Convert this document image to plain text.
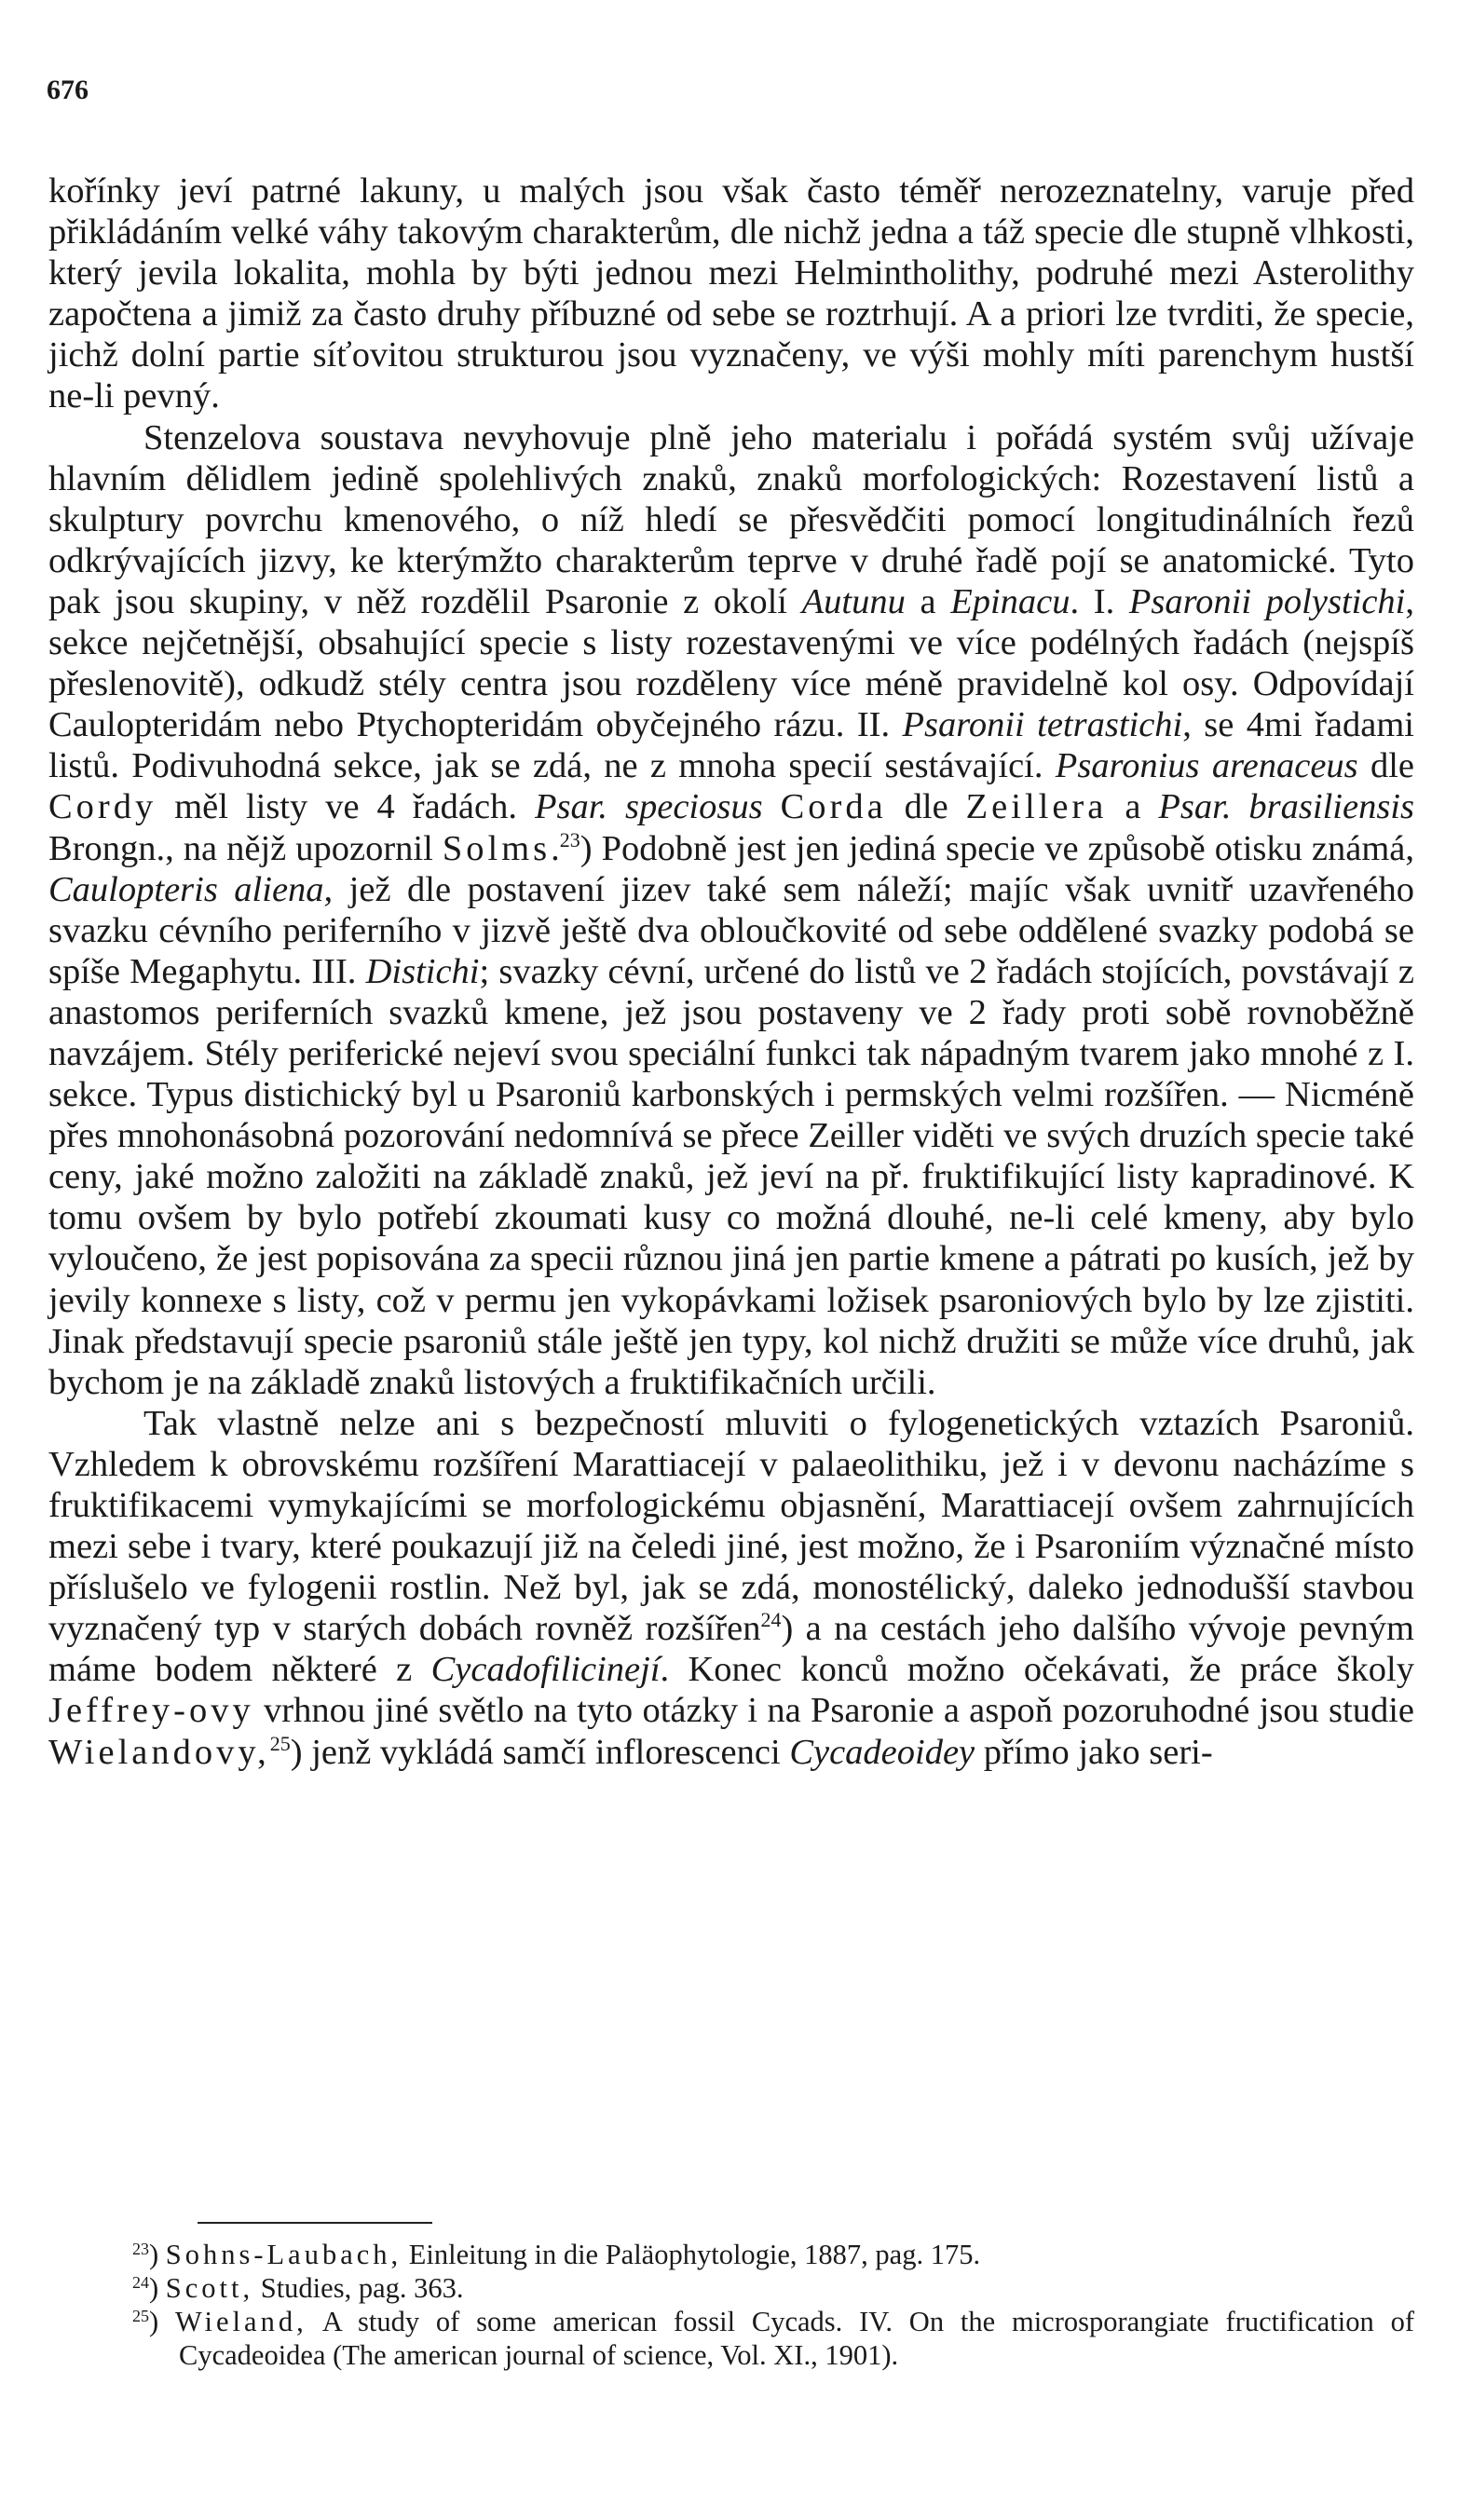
676

kořínky jeví patrné lakuny, u malých jsou však často téměř nerozeznatelny, varuje před přikládáním velké váhy takovým charakterům, dle nichž jedna a táž specie dle stupně vlhkosti, který jevila lokalita, mohla by býti jednou mezi Helmintholithy, podruhé mezi Asterolithy započtena a jimiž za často druhy příbuzné od sebe se roztrhují. A a priori lze tvrditi, že specie, jichž dolní partie síťovitou strukturou jsou vyznačeny, ve výši mohly míti parenchym hustší ne-li pevný.

Stenzelova soustava nevyhovuje plně jeho materialu i pořádá systém svůj užívaje hlavním dělidlem jedině spolehlivých znaků, znaků morfologických: Rozestavení listů a skulptury povrchu kmenového, o níž hledí se přesvědčiti pomocí longitudinálních řezů odkrývajících jizvy, ke kterýmžto charakterům teprve v druhé řadě pojí se anatomické. Tyto pak jsou skupiny, v něž rozdělil Psaronie z okolí Autunu a Epinacu. I. Psaronii polystichi, sekce nejčetnější, obsahující specie s listy rozestavenými ve více podélných řadách (nejspíš přeslenovitě), odkudž stély centra jsou rozděleny více méně pravidelně kol osy. Odpovídají Caulopteridám nebo Ptychopteridám obyčejného rázu. II. Psaronii tetrastichi, se 4mi řadami listů. Podivuhodná sekce, jak se zdá, ne z mnoha specií sestávající. Psaronius arenaceus dle Cordy měl listy ve 4 řadách. Psar. speciosus Corda dle Zeillera a Psar. brasiliensis Brongn., na nějž upozornil Solms.$^{23}$) Podobně jest jen jediná specie ve způsobě otisku známá, Caulopteris aliena, jež dle postavení jizev také sem náleží; majíc však uvnitř uzavřeného svazku cévního periferního v jizvě ještě dva obloučkovité od sebe oddělené svazky podobá se spíše Megaphytu. III. Distichi; svazky cévní, určené do listů ve 2 řadách stojících, povstávají z anastomos periferních svazků kmene, jež jsou postaveny ve 2 řady proti sobě rovnoběžně navzájem. Stély periferické nejeví svou speciální funkci tak nápadným tvarem jako mnohé z I. sekce. Typus distichický byl u Psaroniů karbonských i permských velmi rozšířen. — Nicméně přes mnohonásobná pozorování nedomnívá se přece Zeiller viděti ve svých druzích specie také ceny, jaké možno založiti na základě znaků, jež jeví na př. fruktifikující listy kapradinové. K tomu ovšem by bylo potřebí zkoumati kusy co možná dlouhé, ne-li celé kmeny, aby bylo vyloučeno, že jest popisována za specii různou jiná jen partie kmene a pátrati po kusích, jež by jevily konnexe s listy, což v permu jen vykopávkami ložisek psaroniových bylo by lze zjistiti. Jinak představují specie psaroniů stále ještě jen typy, kol nichž družiti se může více druhů, jak bychom je na základě znaků listových a fruktifikačních určili.

Tak vlastně nelze ani s bezpečností mluviti o fylogenetických vztazích Psaroniů. Vzhledem k obrovskému rozšíření Marattiacejí v palaeolithiku, jež i v devonu nacházíme s fruktifikacemi vymykajícími se morfologickému objasnění, Marattiacejí ovšem zahrnujících mezi sebe i tvary, které poukazují již na čeledi jiné, jest možno, že i Psaroniím význačné místo příslušelo ve fylogenii rostlin. Než byl, jak se zdá, monostélický, daleko jednodušší stavbou vyznačený typ v starých dobách rovněž rozšířen$^{24}$) a na cestách jeho dalšího vývoje pevným máme bodem některé z Cycadofilicinejí. Konec konců možno očekávati, že práce školy Jeffrey-ovy vrhnou jiné světlo na tyto otázky i na Psaronie a aspoň pozoruhodné jsou studie Wielandovy,$^{25}$) jenž vykládá samčí inflorescenci Cycadeoidey přímo jako seri-

$^{23}$) Sohns-Laubach, Einleitung in die Paläophytologie, 1887, pag. 175.

$^{24}$) Scott, Studies, pag. 363.

$^{25}$) Wieland, A study of some american fossil Cycads. IV. On the microsporangiate fructification of Cycadeoidea (The american journal of science, Vol. XI., 1901).
